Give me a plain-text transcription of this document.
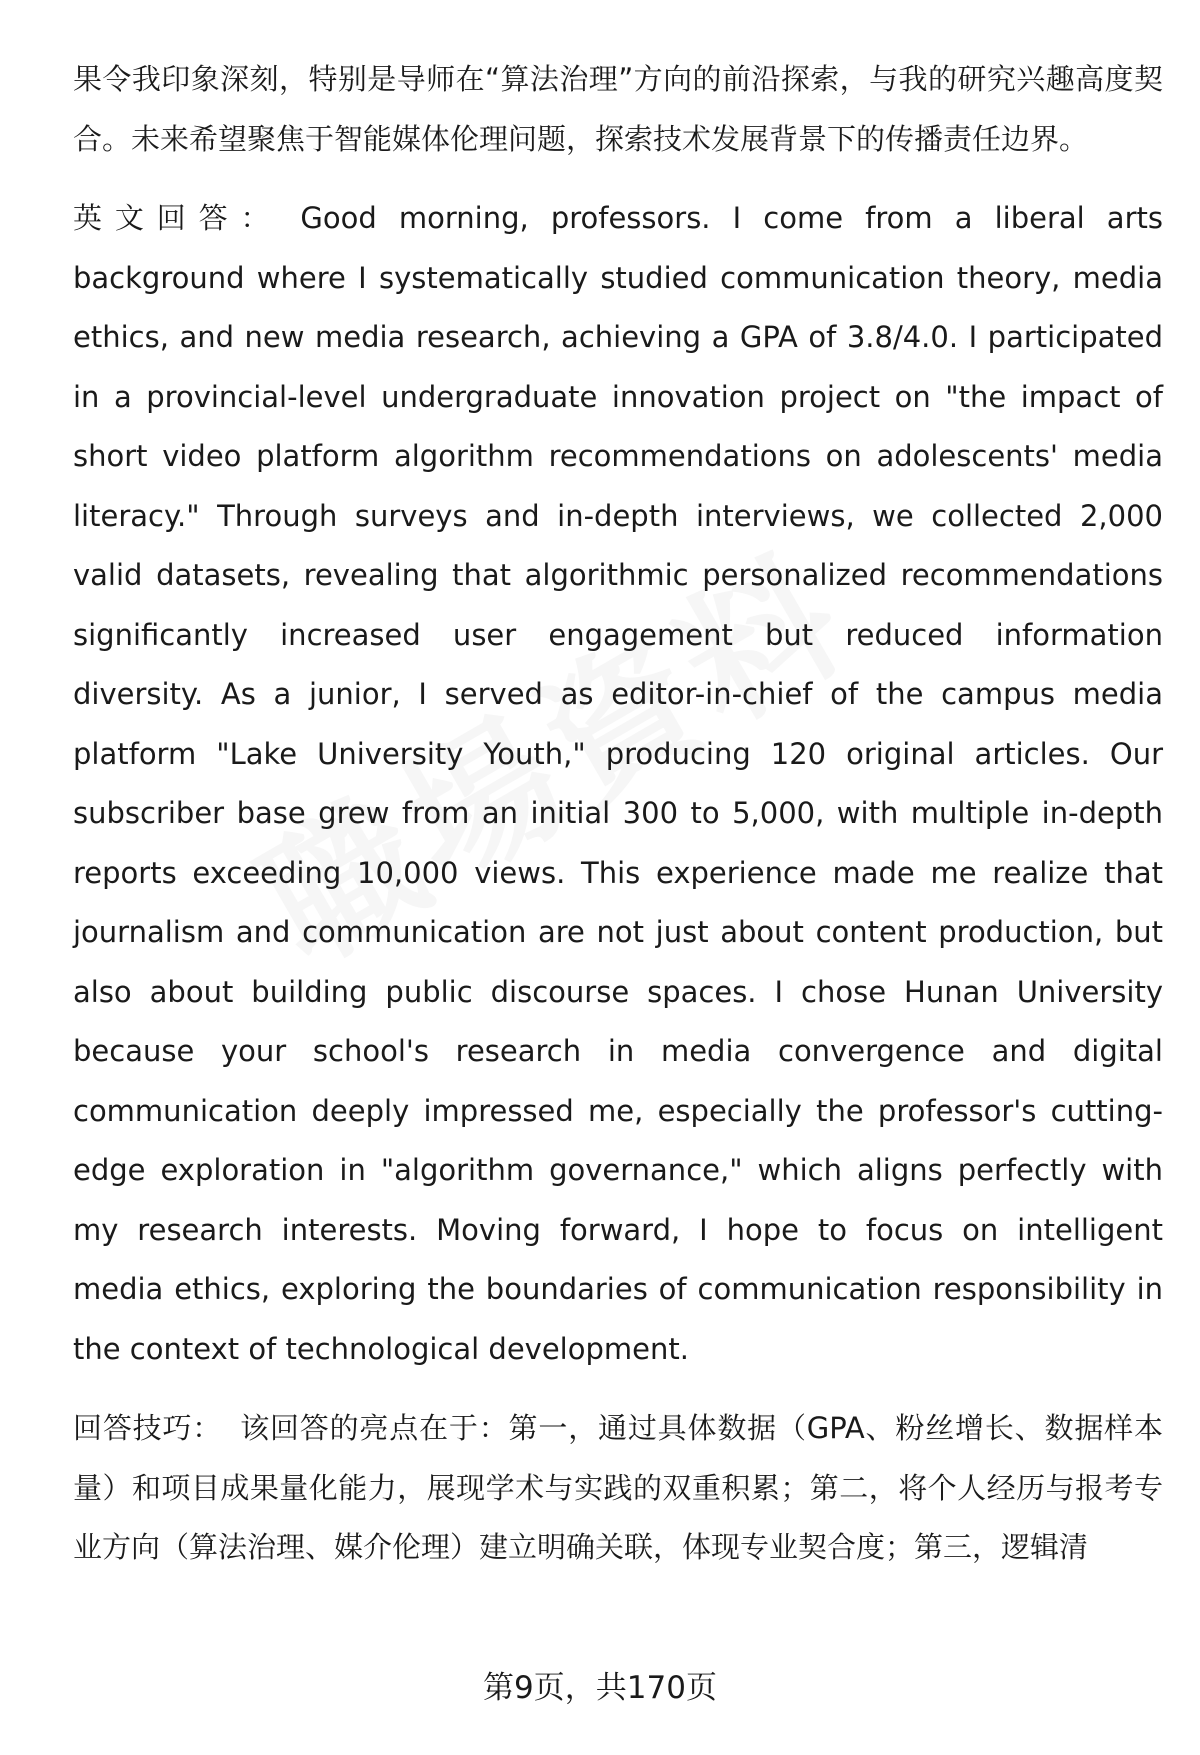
果令我印象深刻，特别是导师在“算法治理”方向的前沿探索，与我的研究兴趣高度契合。未来希望聚焦于智能媒体伦理问题，探索技术发展背景下的传播责任边界。

英文回答： Good morning, professors. I come from a liberal arts background where I systematically studied communication theory, media ethics, and new media research, achieving a GPA of 3.8/4.0. I participated in a provincial-level undergraduate innovation project on "the impact of short video platform algorithm recommendations on adolescents' media literacy." Through surveys and in-depth interviews, we collected 2,000 valid datasets, revealing that algorithmic personalized recommendations significantly increased user engagement but reduced information diversity. As a junior, I served as editor-in-chief of the campus media platform "Lake University Youth," producing 120 original articles. Our subscriber base grew from an initial 300 to 5,000, with multiple in-depth reports exceeding 10,000 views. This experience made me realize that journalism and communication are not just about content production, but also about building public discourse spaces. I chose Hunan University because your school's research in media convergence and digital communication deeply impressed me, especially the professor's cutting-edge exploration in "algorithm governance," which aligns perfectly with my research interests. Moving forward, I hope to focus on intelligent media ethics, exploring the boundaries of communication responsibility in the context of technological development.

回答技巧： 该回答的亮点在于：第一，通过具体数据（GPA、粉丝增长、数据样本量）和项目成果量化能力，展现学术与实践的双重积累；第二，将个人经历与报考专业方向（算法治理、媒介伦理）建立明确关联，体现专业契合度；第三，逻辑清

第9页，共170页
